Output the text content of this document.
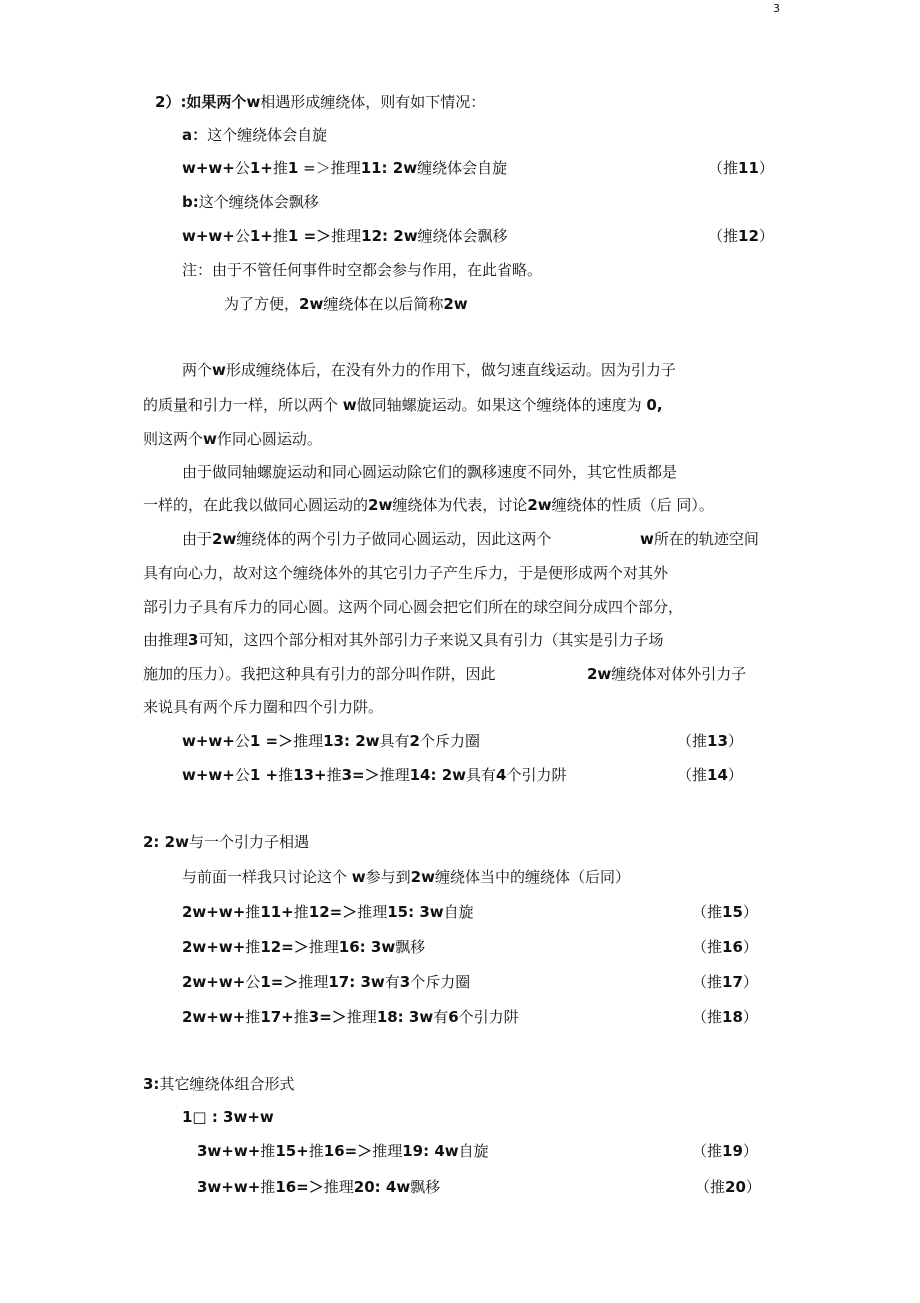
3
2）:如果两个w相遇形成缠绕体，则有如下情况：
a：这个缠绕体会自旋
w+w+公1+推1 =＞推理11: 2w缠绕体会自旋	（推11）
b:这个缠绕体会飘移
w+w+公1+推1 =＞推理12: 2w缠绕体会飘移	（推12）
注：由于不管任何事件时空都会参与作用，在此省略。
为了方便，2w缠绕体在以后简称2w
两个w形成缠绕体后，在没有外力的作用下，做匀速直线运动。因为引力子
的质量和引力一样，所以两个 w做同轴螺旋运动。如果这个缠绕体的速度为 0,
则这两个w作同心圆运动。
由于做同轴螺旋运动和同心圆运动除它们的飘移速度不同外，其它性质都是
一样的，在此我以做同心圆运动的2w缠绕体为代表，讨论2w缠绕体的性质（后 同）。
由于2w缠绕体的两个引力子做同心圆运动，因此这两个	w所在的轨迹空间
具有向心力，故对这个缠绕体外的其它引力子产生斥力，于是便形成两个对其外
部引力子具有斥力的同心圆。这两个同心圆会把它们所在的球空间分成四个部分，
由推理3可知，这四个部分相对其外部引力子来说又具有引力（其实是引力子场
施加的压力）。我把这种具有引力的部分叫作阱，因此	2w缠绕体对体外引力子
来说具有两个斥力圈和四个引力阱。
w+w+公1 =＞推理13: 2w具有2个斥力圈	（推13）
w+w+公1 +推13+推3=＞推理14: 2w具有4个引力阱	（推14）
2: 2w与一个引力子相遇
与前面一样我只讨论这个 w参与到2w缠绕体当中的缠绕体（后同）
2w+w+推11+推12=＞推理15: 3w自旋	（推15）
2w+w+推12=＞推理16: 3w飘移	（推16）
2w+w+公1=＞推理17: 3w有3个斥力圈	（推17）
2w+w+推17+推3=＞推理18: 3w有6个引力阱	（推18）
3:其它缠绕体组合形式
1□ : 3w+w
3w+w+推15+推16=＞推理19: 4w自旋	（推19）
3w+w+推16=＞推理20: 4w飘移	（推20）
